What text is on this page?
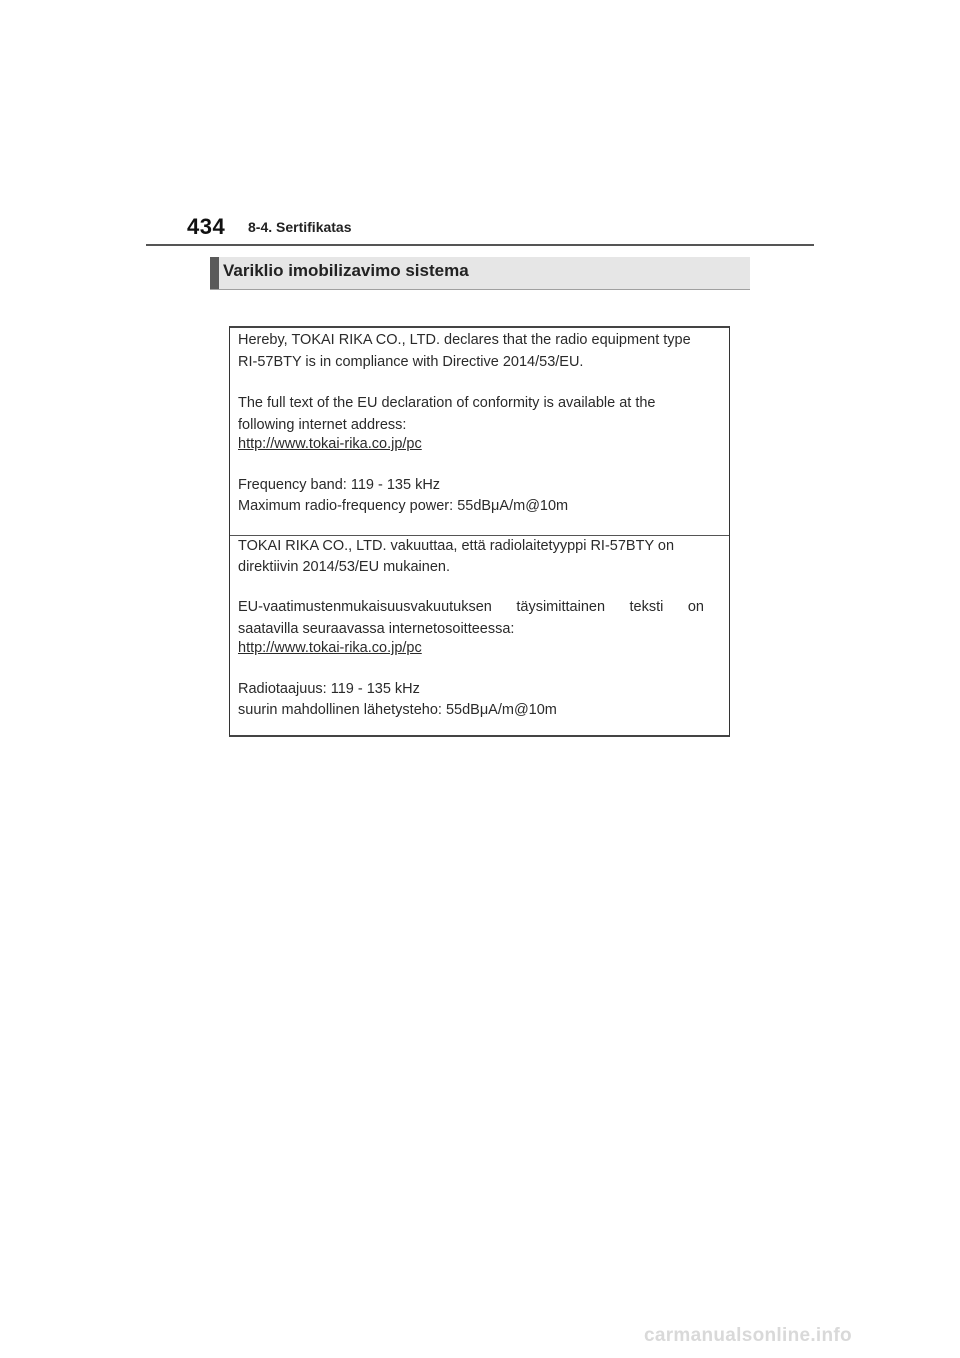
434 8-4. Sertifikatas
Variklio imobilizavimo sistema
Hereby, TOKAI RIKA CO., LTD. declares that the radio equipment type
RI-57BTY is in compliance with Directive 2014/53/EU.
The full text of the EU declaration of conformity is available at the
following internet address:
http://www.tokai-rika.co.jp/pc
Frequency band: 119 - 135 kHz
Maximum radio-frequency power: 55dBμA/m@10m
TOKAI RIKA CO., LTD. vakuuttaa, että radiolaitetyyppi RI-57BTY on
direktiivin 2014/53/EU mukainen.
EU-vaatimustenmukaisuusvakuutuksen täysimittainen teksti on
saatavilla seuraavassa internetosoitteessa:
http://www.tokai-rika.co.jp/pc
Radiotaajuus: 119 - 135 kHz
suurin mahdollinen lähetysteho: 55dBμA/m@10m
carmanualsonline.info
